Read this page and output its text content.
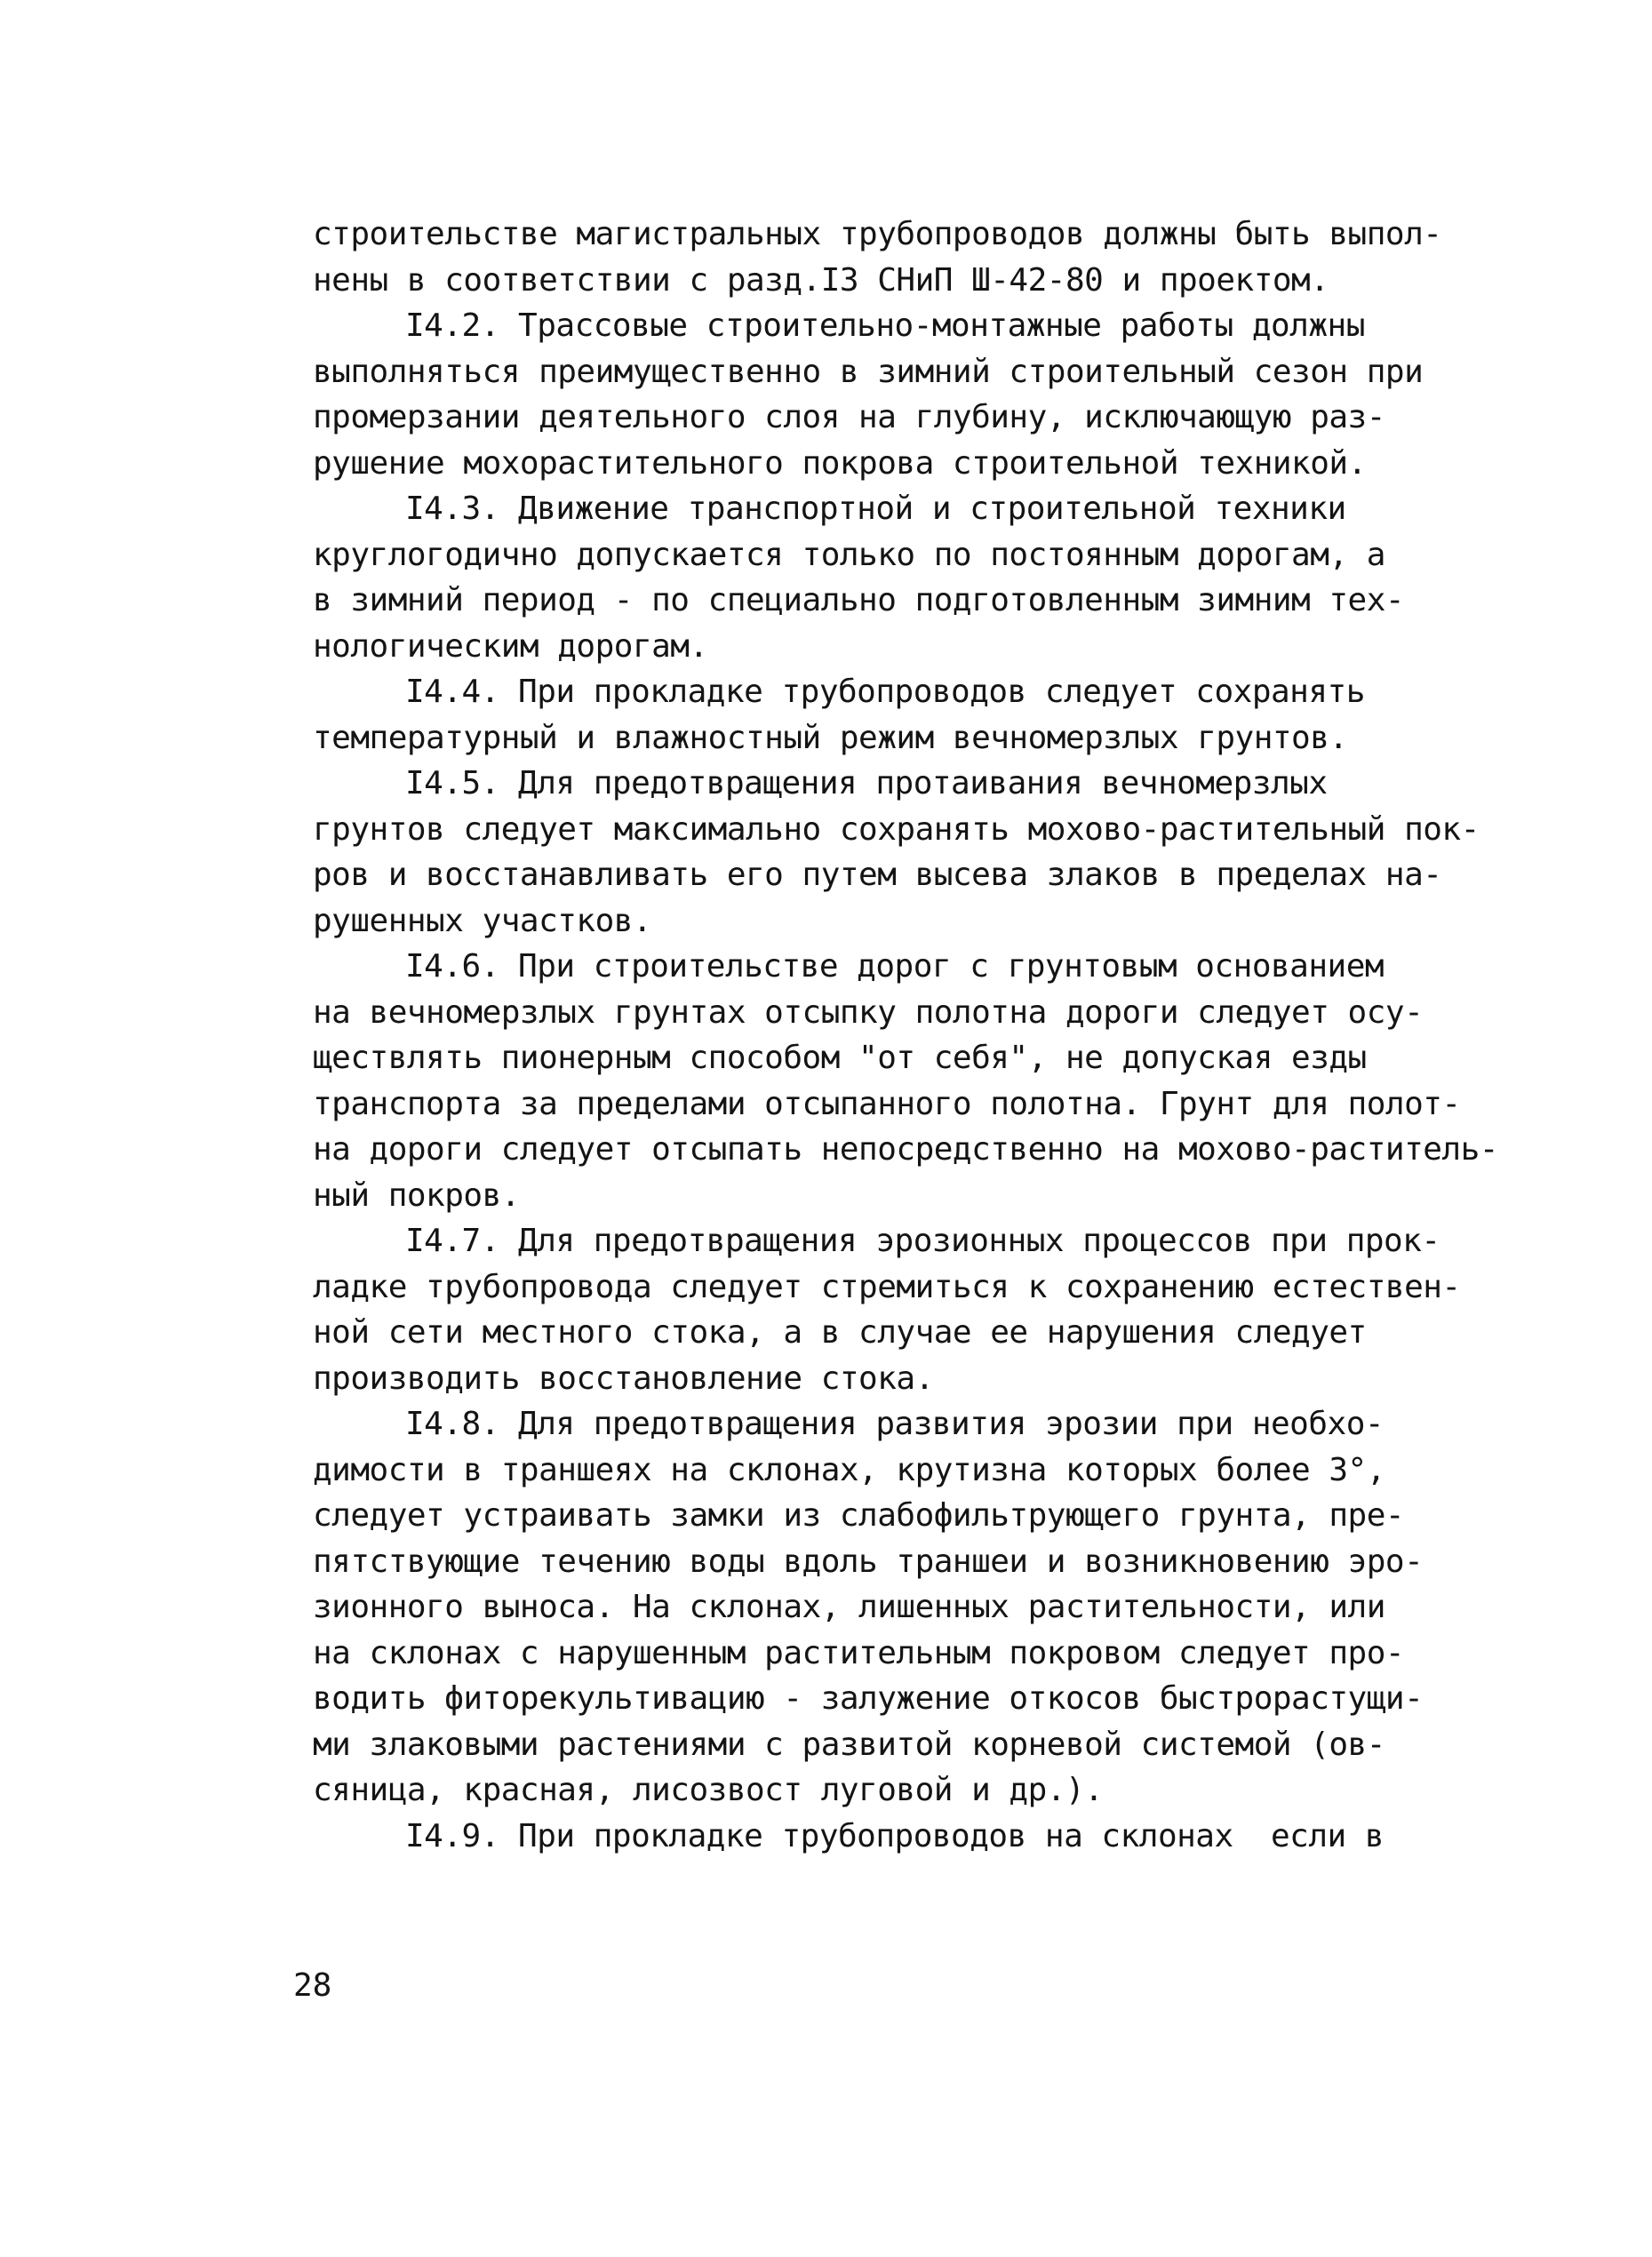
строительстве магистральных трубопроводов должны быть выпол-
нены в соответствии с разд.I3 СНиП Ш-42-80 и проектом.
I4.2. Трассовые строительно-монтажные работы должны
выполняться преимущественно в зимний строительный сезон при
промерзании деятельного слоя на глубину, исключающую раз-
рушение мохорастительного покрова строительной техникой.
I4.3. Движение транспортной и строительной техники
круглогодично допускается только по постоянным дорогам, а
в зимний период - по специально подготовленным зимним тех-
нологическим дорогам.
I4.4. При прокладке трубопроводов следует сохранять
температурный и влажностный режим вечномерзлых грунтов.
I4.5. Для предотвращения протаивания вечномерзлых
грунтов следует максимально сохранять мохово-растительный пок-
ров и восстанавливать его путем высева злаков в пределах на-
рушенных участков.
I4.6. При строительстве дорог с грунтовым основанием
на вечномерзлых грунтах отсыпку полотна дороги следует осу-
ществлять пионерным способом "от себя", не допуская езды
транспорта за пределами отсыпанного полотна. Грунт для полот-
на дороги следует отсыпать непосредственно на мохово-раститель-
ный покров.
I4.7. Для предотвращения эрозионных процессов при прок-
ладке трубопровода следует стремиться к сохранению естествен-
ной сети местного стока, а в случае ее нарушения следует
производить восстановление стока.
I4.8. Для предотвращения развития эрозии при необхо-
димости в траншеях на склонах, крутизна которых более 3°,
следует устраивать замки из слабофильтрующего грунта, пре-
пятствующие течению воды вдоль траншеи и возникновению эро-
зионного выноса. На склонах, лишенных растительности, или
на склонах с нарушенным растительным покровом следует про-
водить фиторекультивацию - залужение откосов быстрорастущи-
ми злаковыми растениями с развитой корневой системой (ов-
сяница, красная, лисозвост луговой и др.).
I4.9. При прокладке трубопроводов на склонах  если в
28
